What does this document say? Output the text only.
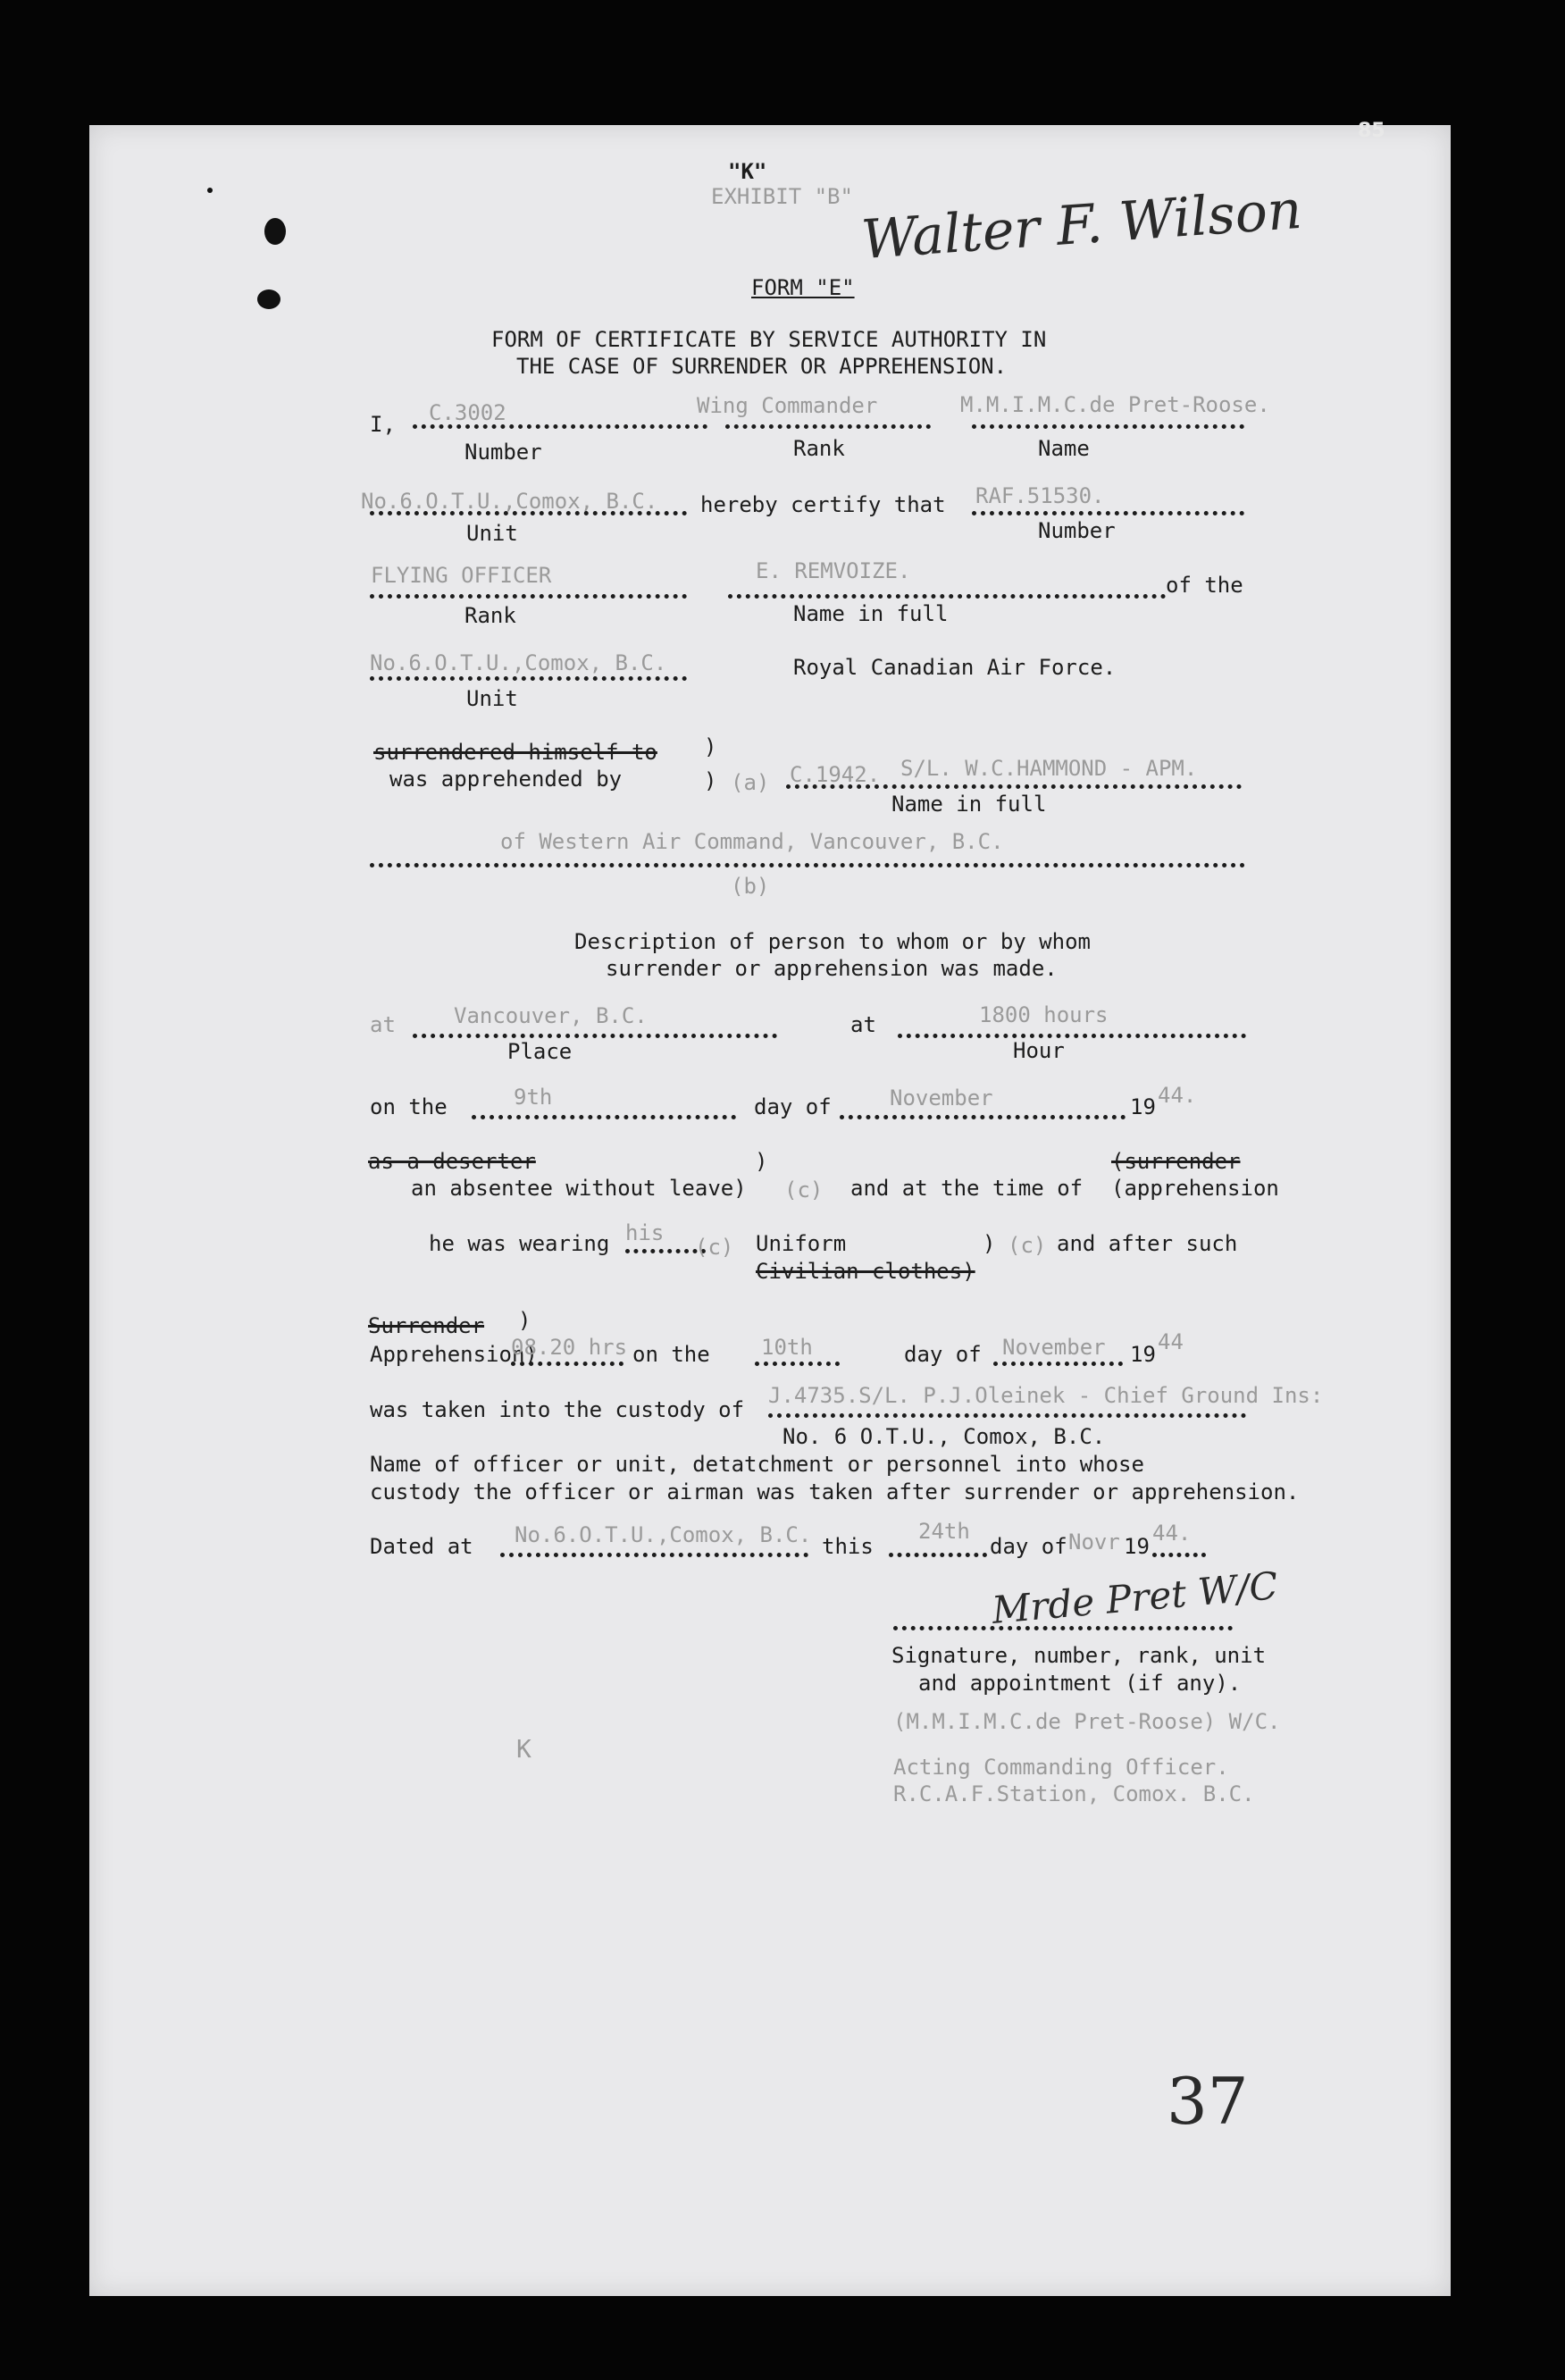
85
"K"
EXHIBIT "B" Walter F. Wilson
FORM "E"
FORM OF CERTIFICATE BY SERVICE AUTHORITY IN
THE CASE OF SURRENDER OR APPREHENSION.
I, C.3002	Wing Commander	M.M.I.M.C.de Pret-Roose.
Number	Rank	Name
No.6.O.T.U.,Comox, B.C. hereby certify that RAF.51530.
Unit	Number
FLYING OFFICER	E. REMVOIZE.
of the
Rank	Name in full
No.6.O.T.U.,Comox, B.C.	Royal Canadian Air Force.
Unit
surrendered himself to )
was apprehended by	) (a) C.1942. S/L. W.C.HAMMOND - APM.
Name in full
of Western Air Command, Vancouver, B.C.
(b)
Description of person to whom or by whom
surrender or apprehension was made.
at	Vancouver, B.C.	at	1800 hours
Place	Hour
on the	9th	day of	November	19 44.
as a deserter	)	(surrender
an absentee without leave) (c) and at the time of (apprehension
he was wearing his
(c) Uniform	) (c) and after such
Civilian clothes)
Surrender )
Apprehension)
08.20 hrs on the 10th	day of November 19 44
was taken into the custody of
J.4735.S/L. P.J.Oleinek - Chief Ground Ins:
No. 6 O.T.U., Comox, B.C.
Name of officer or unit, detatchment or personnel into whose
custody the officer or airman was taken after surrender or apprehension.
Dated at No.6.O.T.U.,Comox, B.C. this
24th
day of Novr 19
44.
Mrde Pret W/C
Signature, number, rank, unit
and appointment (if any).
(M.M.I.M.C.de Pret-Roose) W/C.
K
Acting Commanding Officer.
R.C.A.F.Station, Comox. B.C.
37
